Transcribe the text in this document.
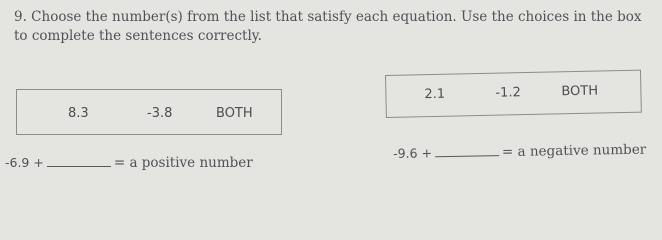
9. Choose the number(s) from the list that satisfy each equation. Use the choices in the box to complete the sentences correctly.
8.3	-3.8	BOTH
2.1	-1.2	BOTH
-6.9 +	= a positive number
-9.6 +	= a negative number
